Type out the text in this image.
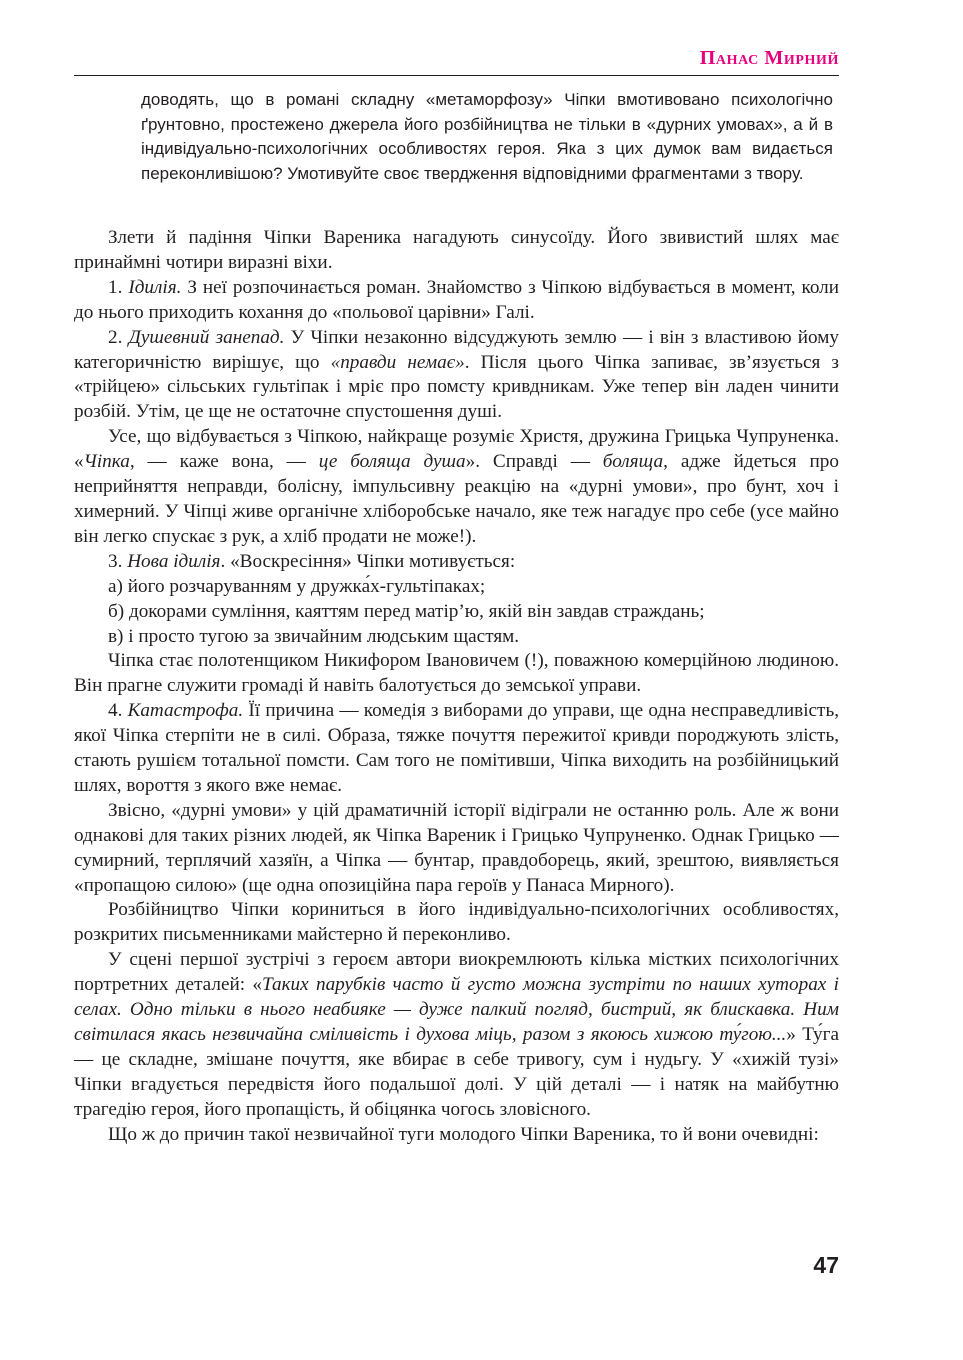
Панас Мирний
доводять, що в романі складну «метаморфозу» Чіпки вмотивовано психологічно ґрунтовно, простежено джерела його розбійництва не тільки в «дурних умовах», а й в індивідуально-психологічних особливостях героя. Яка з цих думок вам видається переконливішою? Умотивуйте своє твердження відповідними фрагментами з твору.

Злети й падіння Чіпки Вареника нагадують синусоїду. Його звивистий шлях має принаймні чотири виразні віхи.

1. Ідилія. З неї розпочинається роман. Знайомство з Чіпкою відбувається в момент, коли до нього приходить кохання до «польової царівни» Галі.

2. Душевний занепад. У Чіпки незаконно відсуджують землю — і він з властивою йому категоричністю вирішує, що «правди немає». Після цього Чіпка запиває, зв’язується з «трійцею» сільських гультіпак і мріє про помсту кривдникам. Уже тепер він ладен чинити розбій. Утім, це ще не остаточне спустошення душі.

Усе, що відбувається з Чіпкою, найкраще розуміє Христя, дружина Грицька Чупруненка. «Чіпка, — каже вона, — це боляща душа». Справді — боляща, адже йдеться про неприйняття неправди, болісну, імпульсивну реакцію на «дурні умови», про бунт, хоч і химерний. У Чіпці живе органічне хліборобське начало, яке теж нагадує про себе (усе майно він легко спускає з рук, а хліб продати не може!).

3. Нова ідилія. «Воскресіння» Чіпки мотивується:

а) його розчаруванням у дружка́х-гультіпаках;

б) докорами сумління, каяттям перед матір’ю, якій він завдав страждань;

в) і просто тугою за звичайним людським щастям.

Чіпка стає полотенщиком Никифором Івановичем (!), поважною комерційною людиною. Він прагне служити громаді й навіть балотується до земської управи.

4. Катастрофа. Її причина — комедія з виборами до управи, ще одна несправедливість, якої Чіпка стерпіти не в силі. Образа, тяжке почуття пережитої кривди породжують злість, стають рушієм тотальної помсти. Сам того не помітивши, Чіпка виходить на розбійницький шлях, вороття з якого вже немає.

Звісно, «дурні умови» у цій драматичній історії відіграли не останню роль. Але ж вони однакові для таких різних людей, як Чіпка Вареник і Грицько Чупруненко. Однак Грицько — сумирний, терплячий хазяїн, а Чіпка — бунтар, правдоборець, який, зрештою, виявляється «пропащою силою» (ще одна опозиційна пара героїв у Панаса Мирного).

Розбійництво Чіпки кориниться в його індивідуально-психологічних особливостях, розкритих письменниками майстерно й переконливо.

У сцені першої зустрічі з героєм автори виокремлюють кілька містких психологічних портретних деталей: «Таких парубків часто й густо можна зустріти по наших хуторах і селах. Одно тільки в нього неабияке — дуже палкий погляд, бистрий, як блискавка. Ним світилася якась незвичайна сміливість і духова міць, разом з якоюсь хижою ту́гою...» Ту́га — це складне, змішане почуття, яке вбирає в себе тривогу, сум і нудьгу. У «хижій тузі» Чіпки вгадується передвістя його подальшої долі. У цій деталі — і натяк на майбутню трагедію героя, його пропащість, й обіцянка чогось зловісного.

Що ж до причин такої незвичайної туги молодого Чіпки Вареника, то й вони очевидні:

47
